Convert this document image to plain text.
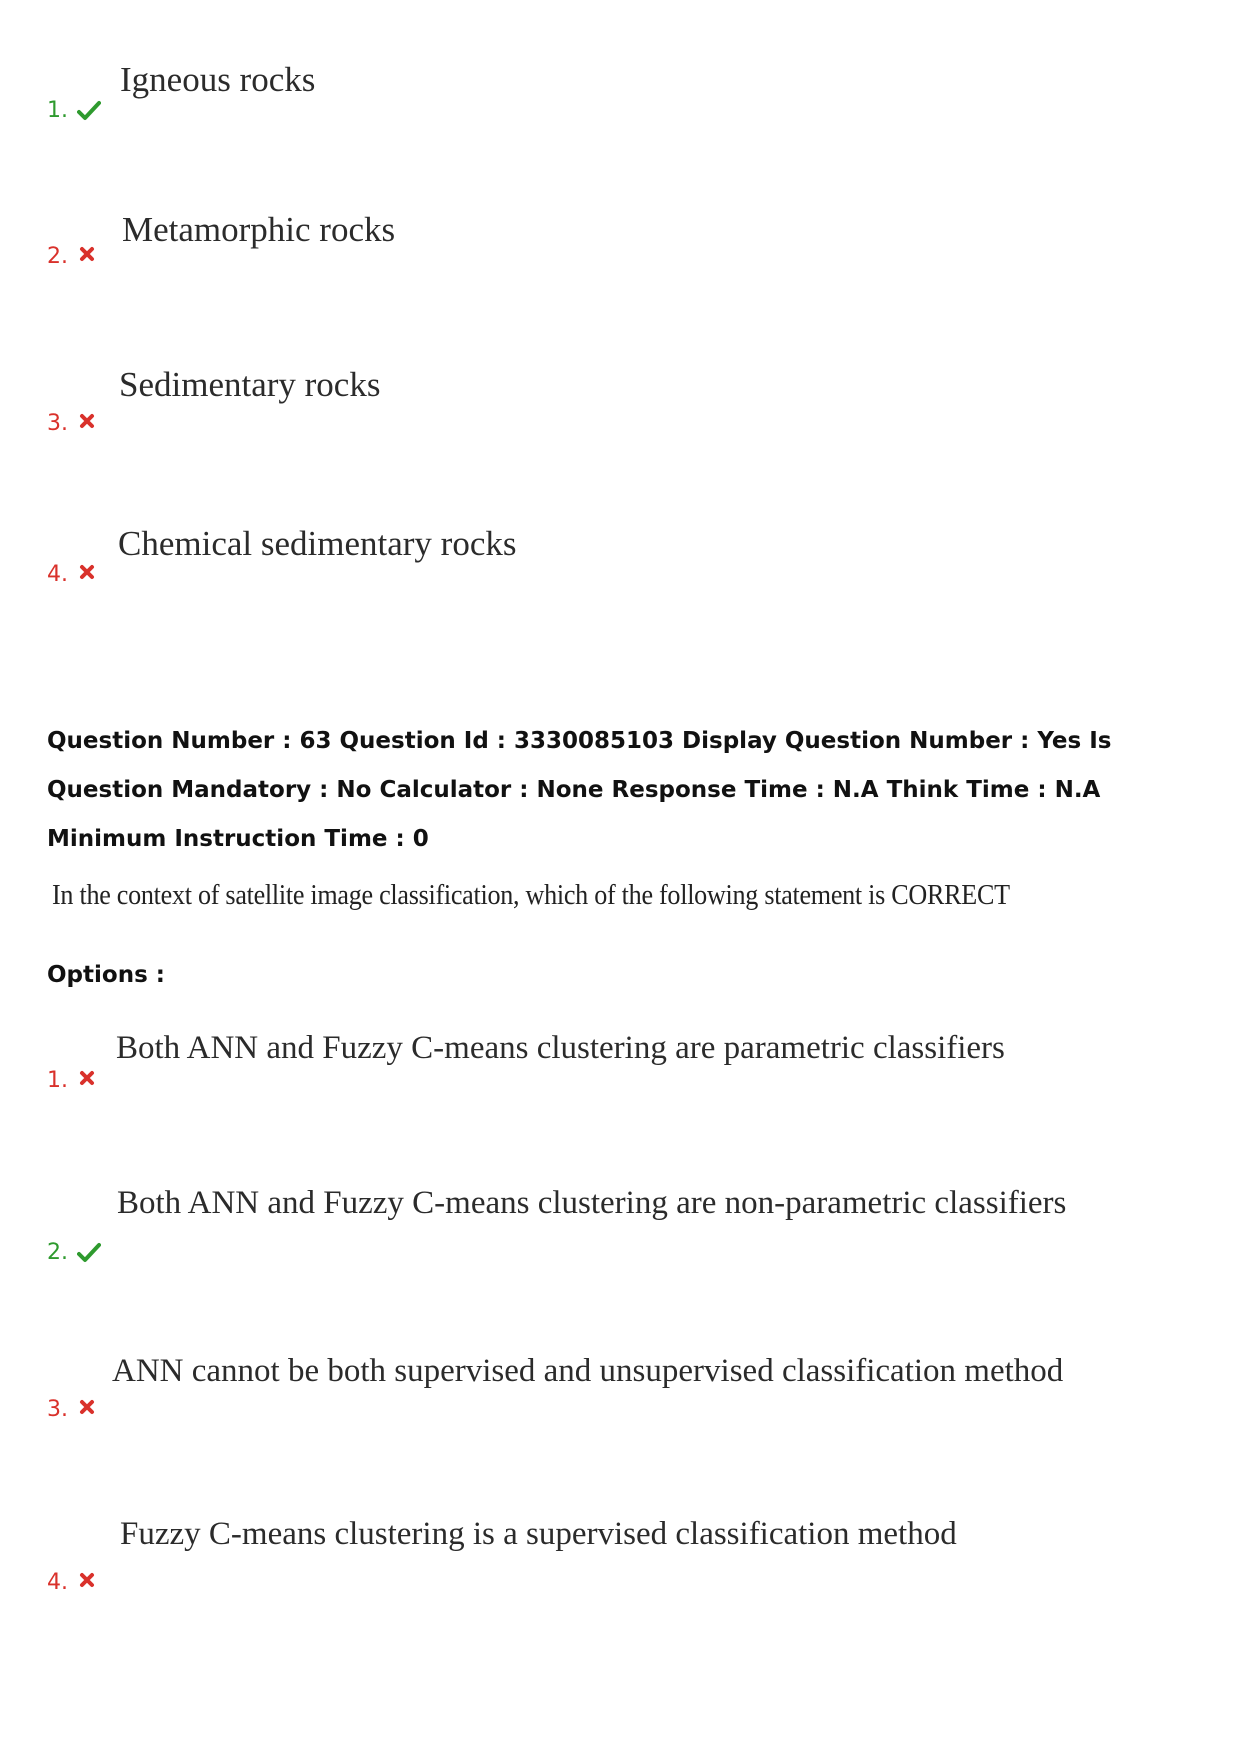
1.
Igneous rocks
2.
Metamorphic rocks
3.
Sedimentary rocks
4.
Chemical sedimentary rocks
Question Number : 63 Question Id : 3330085103 Display Question Number : Yes Is Question Mandatory : No Calculator : None Response Time : N.A Think Time : N.A Minimum Instruction Time : 0
In the context of satellite image classification, which of the following statement is CORRECT
Options :
1.
Both ANN and Fuzzy C-means clustering are parametric classifiers
2.
Both ANN and Fuzzy C-means clustering are non-parametric classifiers
3.
ANN cannot be both supervised and unsupervised classification method
4.
Fuzzy C-means clustering is a supervised classification method
